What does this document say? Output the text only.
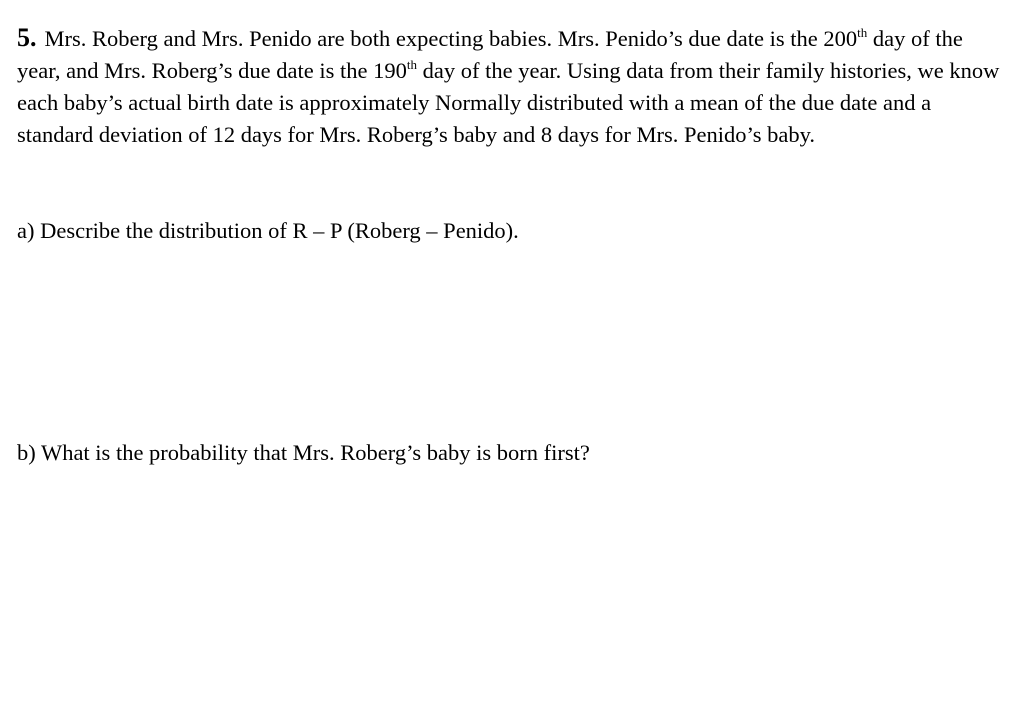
5. Mrs. Roberg and Mrs. Penido are both expecting babies. Mrs. Penido’s due date is the 200th day of the year, and Mrs. Roberg’s due date is the 190th day of the year. Using data from their family histories, we know each baby’s actual birth date is approximately Normally distributed with a mean of the due date and a standard deviation of 12 days for Mrs. Roberg’s baby and 8 days for Mrs. Penido’s baby.
a) Describe the distribution of R – P (Roberg – Penido).
b) What is the probability that Mrs. Roberg’s baby is born first?
